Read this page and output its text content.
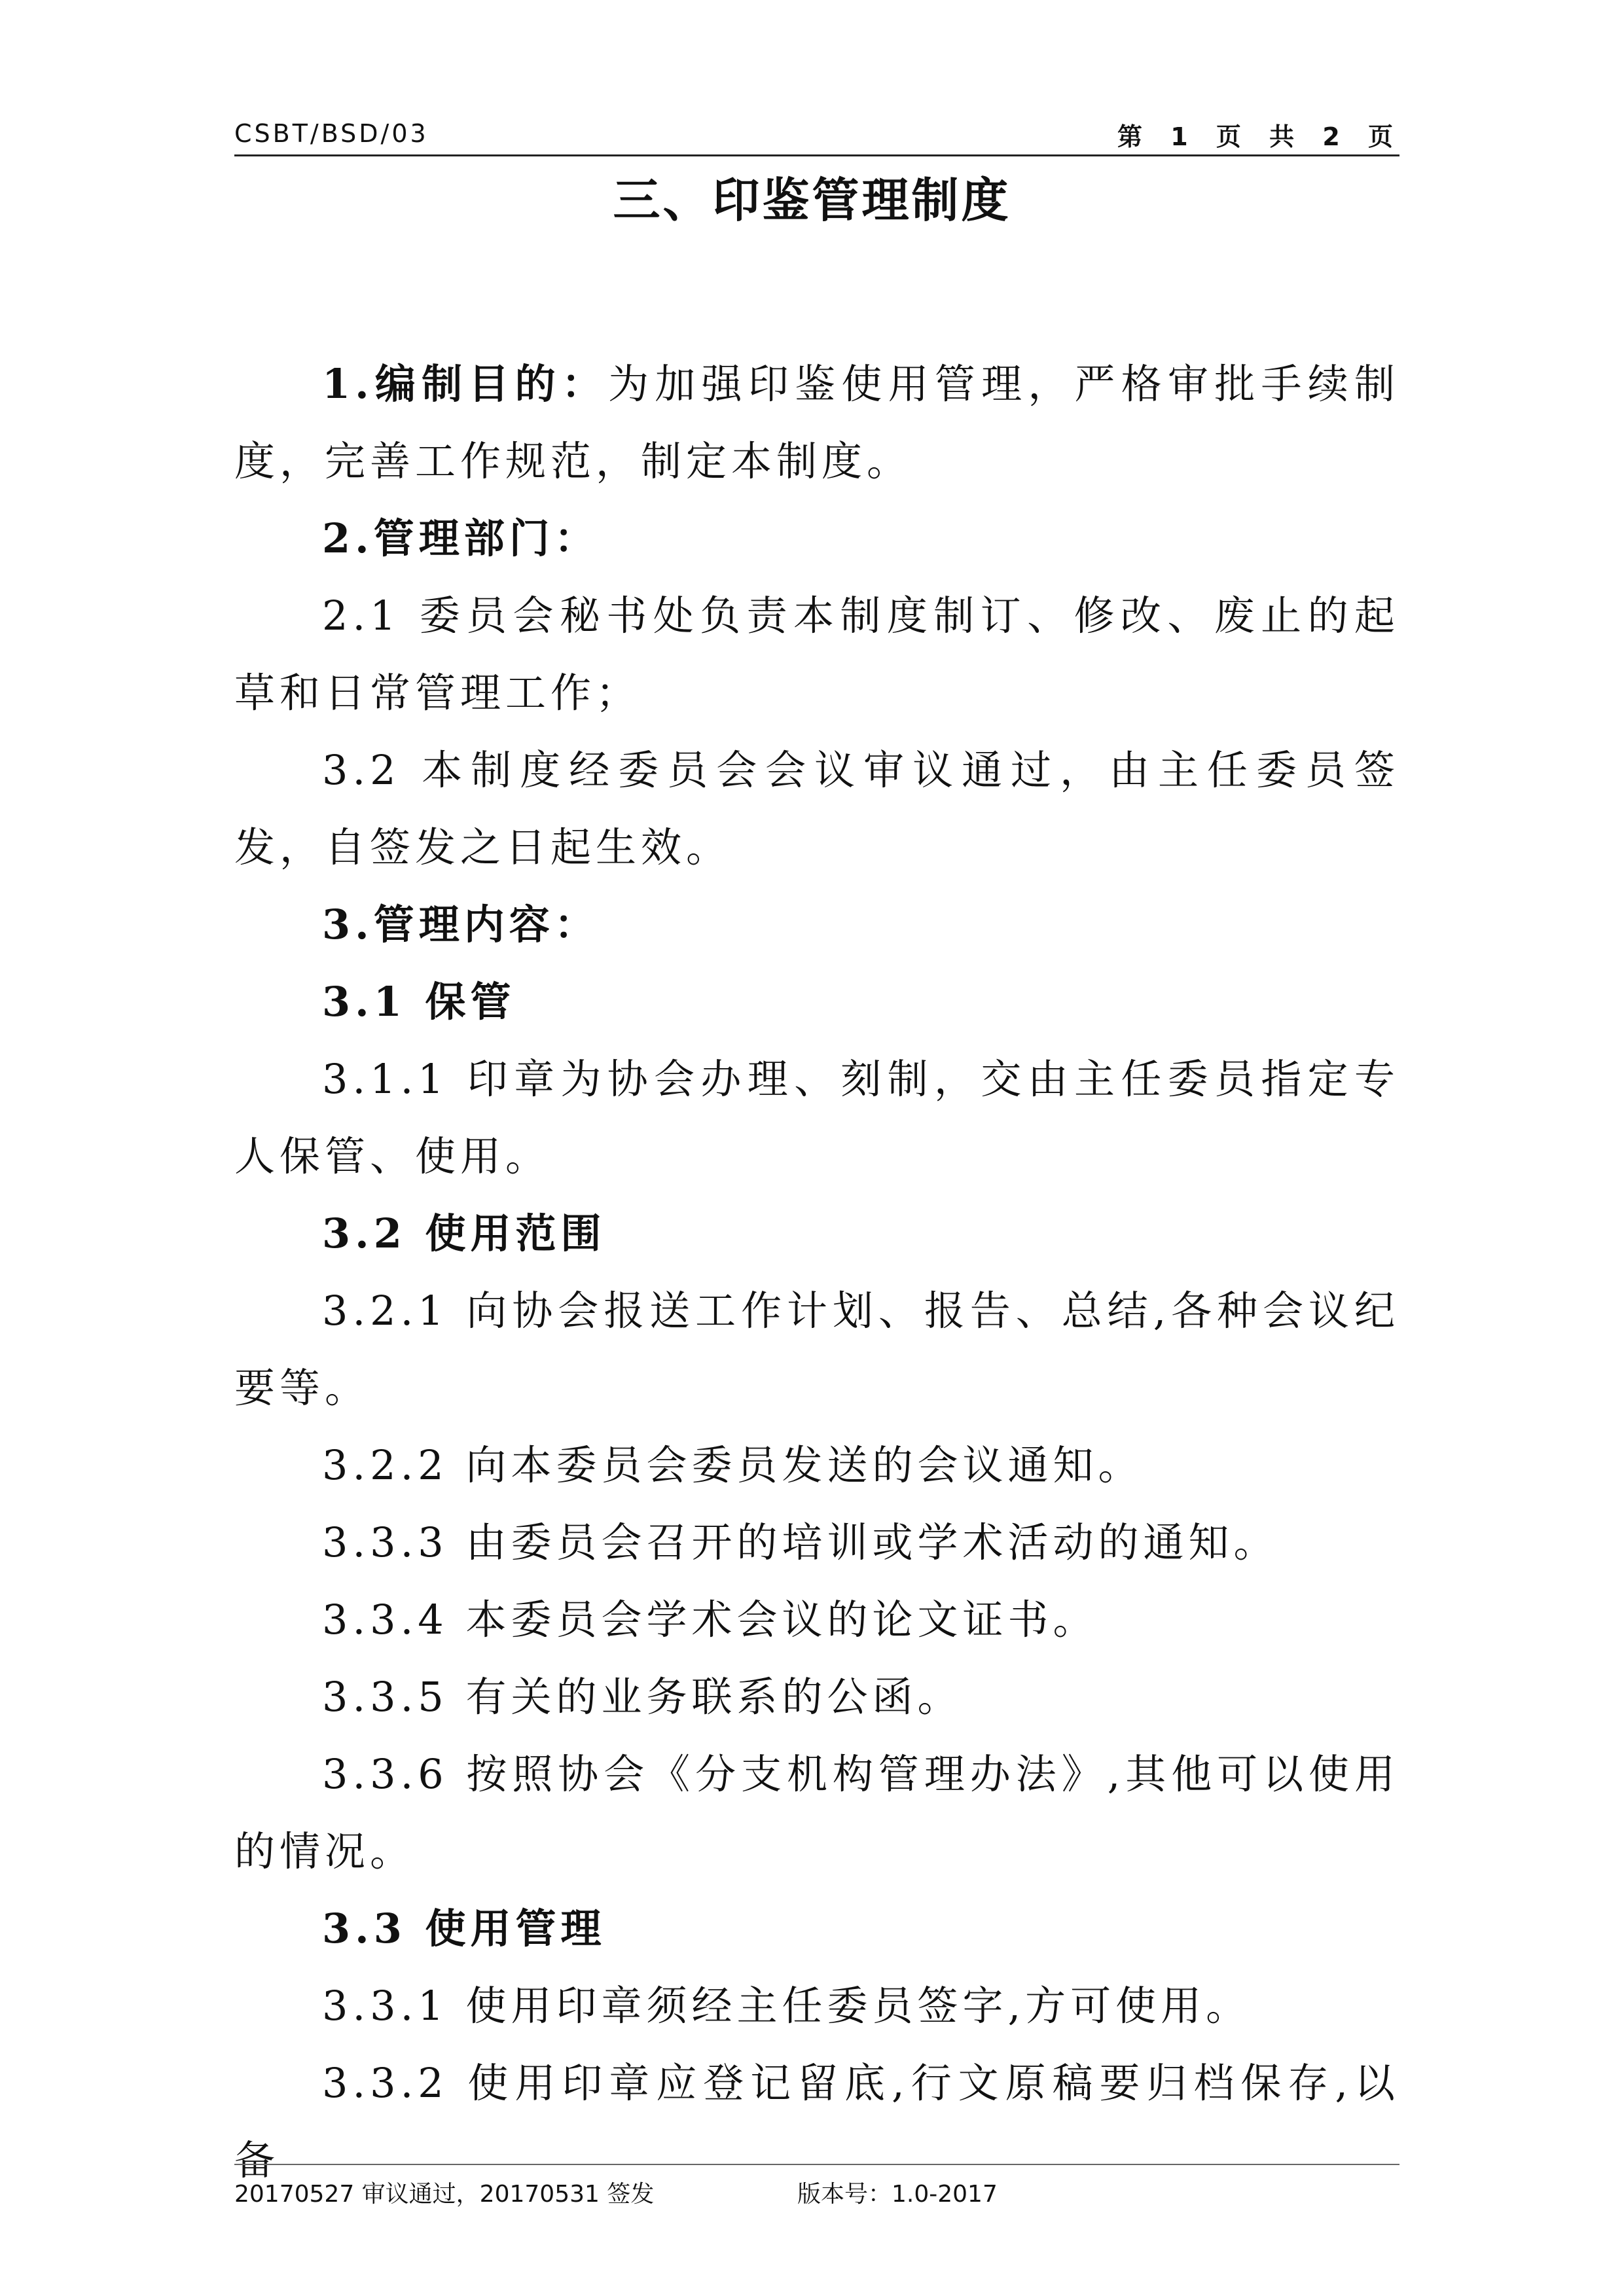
CSBT/BSD/03	第 1 页 共 2 页
三、印鉴管理制度

1.编制目的：为加强印鉴使用管理，严格审批手续制度，完善工作规范，制定本制度。

2.管理部门：

2.1 委员会秘书处负责本制度制订、修改、废止的起草和日常管理工作；

3.2 本制度经委员会会议审议通过，由主任委员签发，自签发之日起生效。

3.管理内容：

3.1 保管

3.1.1 印章为协会办理、刻制，交由主任委员指定专人保管、使用。

3.2 使用范围

3.2.1 向协会报送工作计划、报告、总结,各种会议纪要等。

3.2.2 向本委员会委员发送的会议通知。

3.3.3 由委员会召开的培训或学术活动的通知。

3.3.4 本委员会学术会议的论文证书。

3.3.5 有关的业务联系的公函。

3.3.6 按照协会《分支机构管理办法》,其他可以使用的情况。

3.3 使用管理

3.3.1 使用印章须经主任委员签字,方可使用。

3.3.2 使用印章应登记留底,行文原稿要归档保存,以备

20170527 审议通过，20170531 签发	版本号：1.0-2017
